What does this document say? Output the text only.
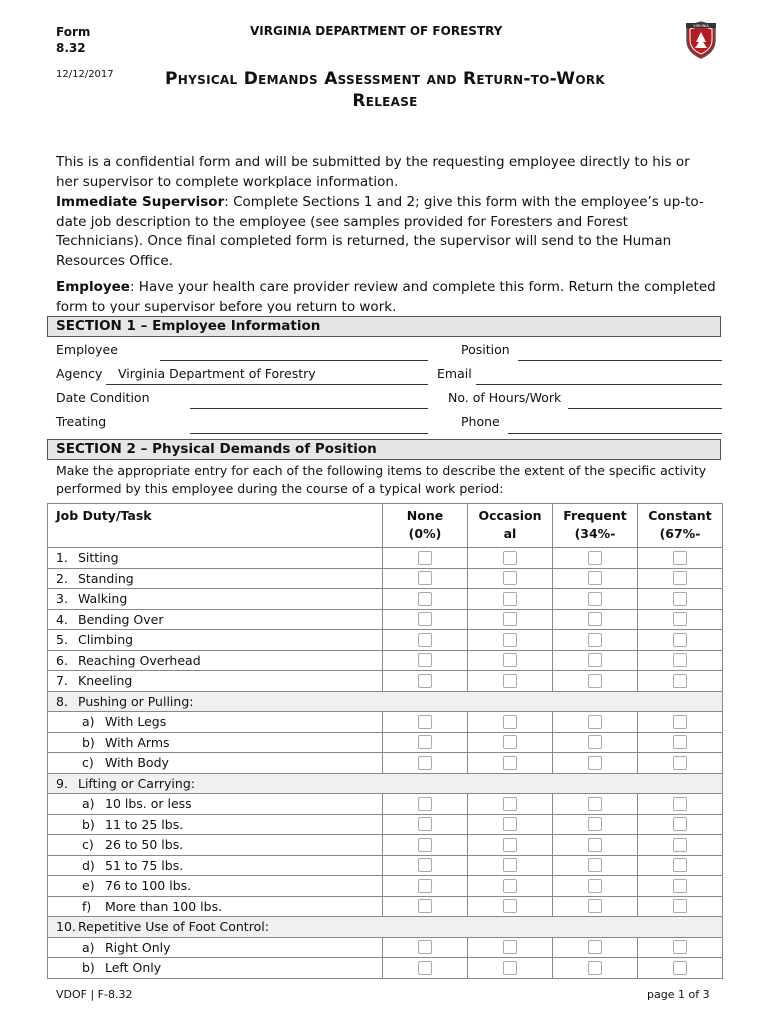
Form 8.32
VIRGINIA DEPARTMENT OF FORESTRY
12/12/2017
VIRGINIA
Physical Demands Assessment and Return-to-Work Release
This is a confidential form and will be submitted by the requesting employee directly to his or her supervisor to complete workplace information.
Immediate Supervisor: Complete Sections 1 and 2; give this form with the employee’s up-to-date job description to the employee (see samples provided for Foresters and Forest Technicians). Once final completed form is returned, the supervisor will send to the Human Resources Office.
Employee: Have your health care provider review and complete this form. Return the completed form to your supervisor before you return to work.
SECTION 1 – Employee Information
Employee	Position
Agency Virginia Department of Forestry	Email
Date Condition	No. of Hours/Work
Treating	Phone
SECTION 2 – Physical Demands of Position
Make the appropriate entry for each of the following items to describe the extent of the specific activity performed by this employee during the course of a typical work period:
Job Duty/Task	None (0%)	Occasion al	Frequent (34%-	Constant (67%-

1. Sitting	

2. Standing	

3. Walking	

4. Bending Over	

5. Climbing	

6. Reaching Overhead	

7. Kneeling	

8. Pushing or Pulling:				
a) With Legs	

b) With Arms	

c) With Body	

9. Lifting or Carrying:				
a) 10 lbs. or less	

b) 11 to 25 lbs.	

c) 26 to 50 lbs.	

d) 51 to 75 lbs.	

e) 76 to 100 lbs.	

f) More than 100 lbs.	

10. Repetitive Use of Foot Control:				
a) Right Only	

b) Left Only	

VDOF | F-8.32	page 1 of 3
